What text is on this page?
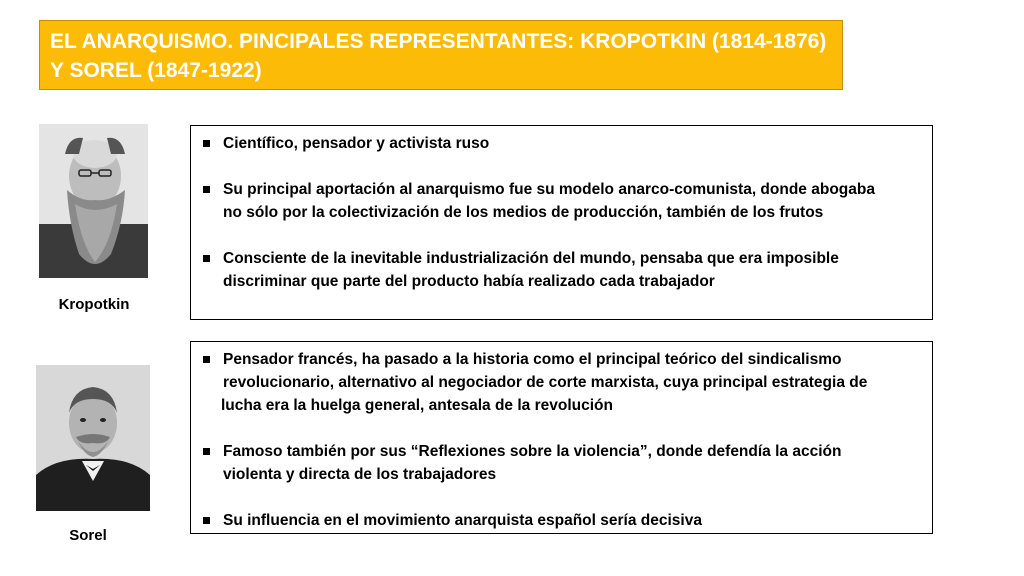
EL ANARQUISMO. PINCIPALES REPRESENTANTES: KROPOTKIN (1814-1876)
Y SOREL (1847-1922)
Kropotkin
Sorel
Científico, pensador y activista ruso
Su principal aportación al anarquismo fue su modelo anarco-comunista, donde abogaba
no sólo por la colectivización de los medios de producción, también de los frutos
Consciente de la inevitable industrialización del mundo, pensaba que era imposible
discriminar que parte del producto había realizado cada trabajador
Pensador francés, ha pasado a la historia como el principal teórico del sindicalismo
revolucionario, alternativo al negociador de corte marxista, cuya principal estrategia de
lucha era la huelga general, antesala de la revolución
Famoso también por sus “Reflexiones sobre la violencia”, donde defendía la acción
violenta y directa de los trabajadores
Su influencia en el movimiento anarquista español sería decisiva
